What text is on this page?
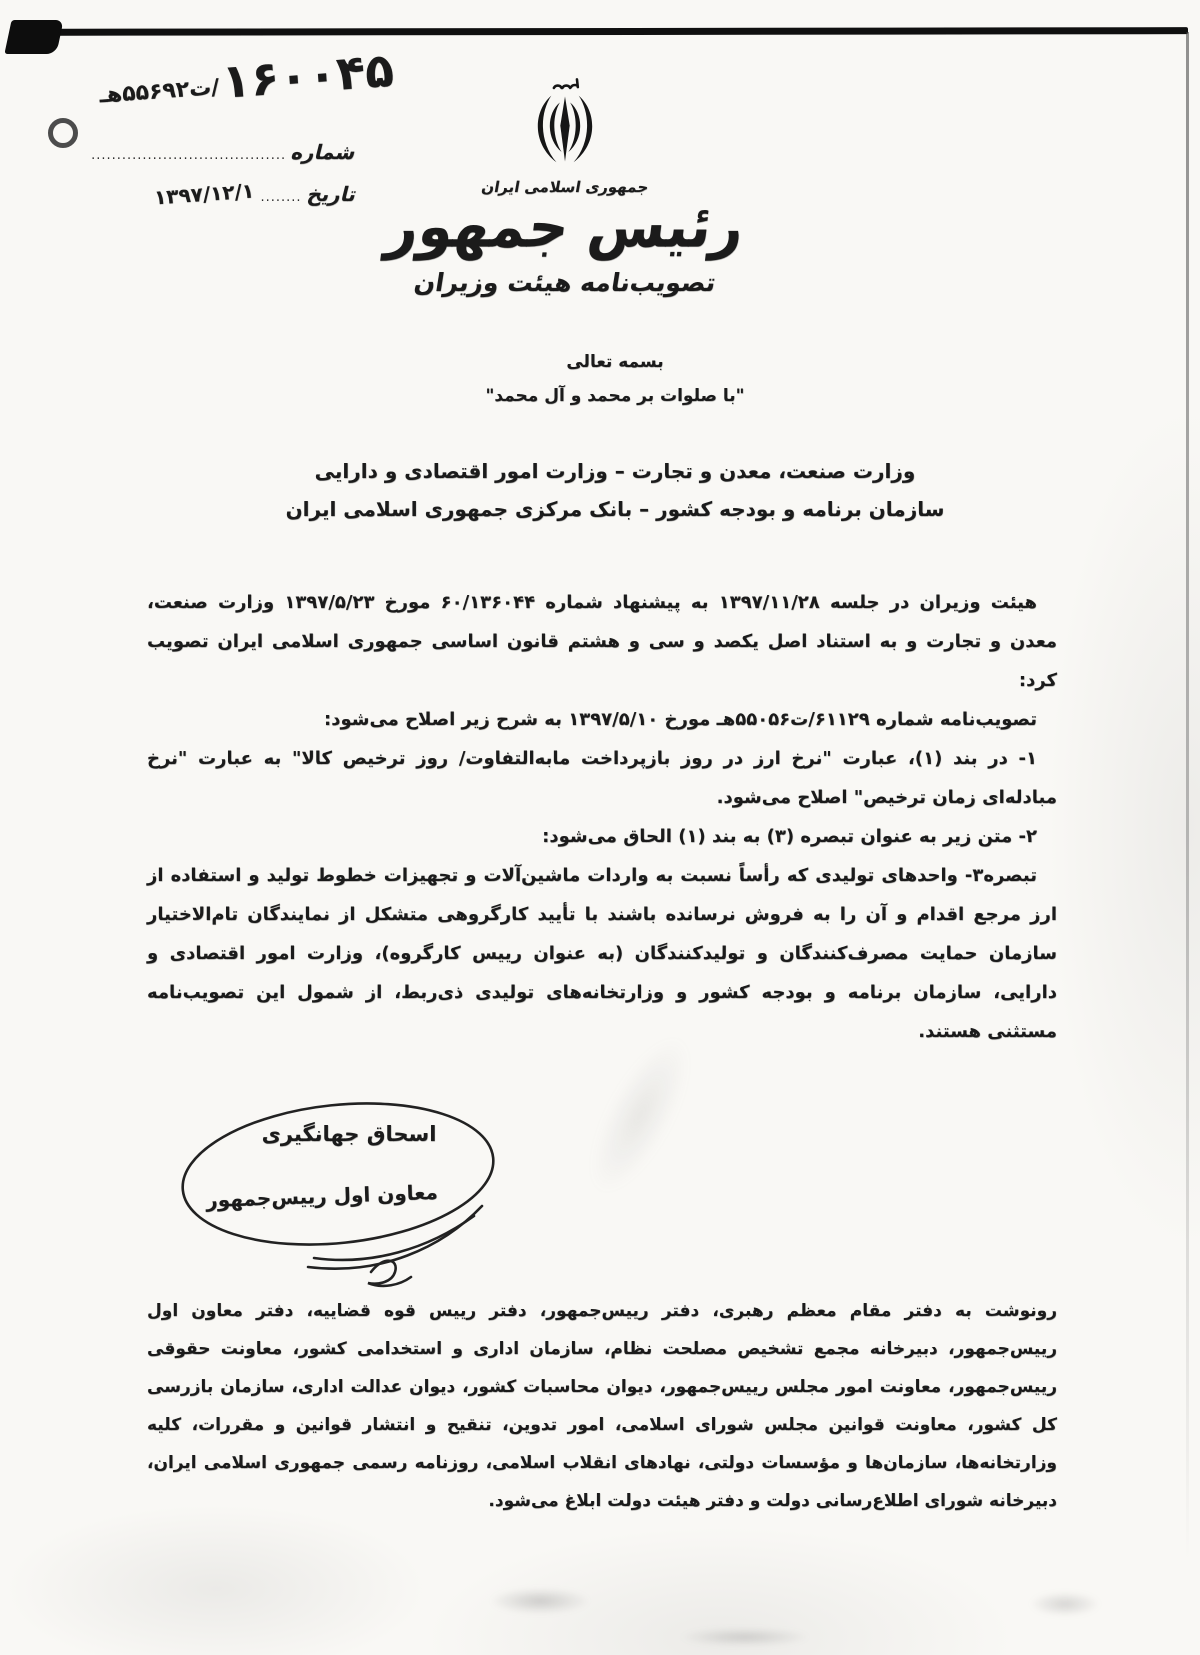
۱۶۰۰۴۵
/ت۵۵۶۹۲هـ
شماره
......................................
تاریخ
........
۱۳۹۷/۱۲/۱	جمهوری اسلامی ایران
رئیس جمهور
تصویب‌نامه هیئت وزیران
بسمه تعالی
"با صلوات بر محمد و آل محمد"
وزارت صنعت، معدن و تجارت – وزارت امور اقتصادی و دارایی
سازمان برنامه و بودجه کشور – بانک مرکزی جمهوری اسلامی ایران

هیئت وزیران در جلسه ۱۳۹۷/۱۱/۲۸ به پیشنهاد شماره ۶۰/۱۳۶۰۴۴ مورخ ۱۳۹۷/۵/۲۳ وزارت صنعت، معدن و تجارت و به استناد اصل یکصد و سی و هشتم قانون اساسی جمهوری اسلامی ایران تصویب کرد:

تصویب‌نامه شماره ۶۱۱۲۹/ت۵۵۰۵۶هـ مورخ ۱۳۹۷/۵/۱۰ به شرح زیر اصلاح می‌شود:

۱- در بند (۱)، عبارت "نرخ ارز در روز بازپرداخت مابه‌التفاوت/ روز ترخیص کالا" به عبارت "نرخ مبادله‌ای زمان ترخیص" اصلاح می‌شود.

۲- متن زیر به عنوان تبصره (۳) به بند (۱) الحاق می‌شود:

تبصره۳- واحدهای تولیدی که رأساً نسبت به واردات ماشین‌آلات و تجهیزات خطوط تولید و استفاده از ارز مرجع اقدام و آن را به فروش نرسانده باشند با تأیید کارگروهی متشکل از نمایندگان تام‌الاختیار سازمان حمایت مصرف‌کنندگان و تولیدکنندگان (به عنوان رییس کارگروه)، وزارت امور اقتصادی و دارایی، سازمان برنامه و بودجه کشور و وزارتخانه‌های تولیدی ذی‌ربط، از شمول این تصویب‌نامه مستثنی هستند.

اسحاق جهانگیری
معاون اول رییس‌جمهور
رونوشت به دفتر مقام معظم رهبری، دفتر رییس‌جمهور، دفتر رییس قوه قضاییه، دفتر معاون اول رییس‌جمهور، دبیرخانه مجمع تشخیص مصلحت نظام، سازمان اداری و استخدامی کشور، معاونت حقوقی رییس‌جمهور، معاونت امور مجلس رییس‌جمهور، دیوان محاسبات کشور، دیوان عدالت اداری، سازمان بازرسی کل کشور، معاونت قوانین مجلس شورای اسلامی، امور تدوین، تنقیح و انتشار قوانین و مقررات، کلیه وزارتخانه‌ها، سازمان‌ها و مؤسسات دولتی، نهادهای انقلاب اسلامی، روزنامه رسمی جمهوری اسلامی ایران، دبیرخانه شورای اطلاع‌رسانی دولت و دفتر هیئت دولت ابلاغ می‌شود.
